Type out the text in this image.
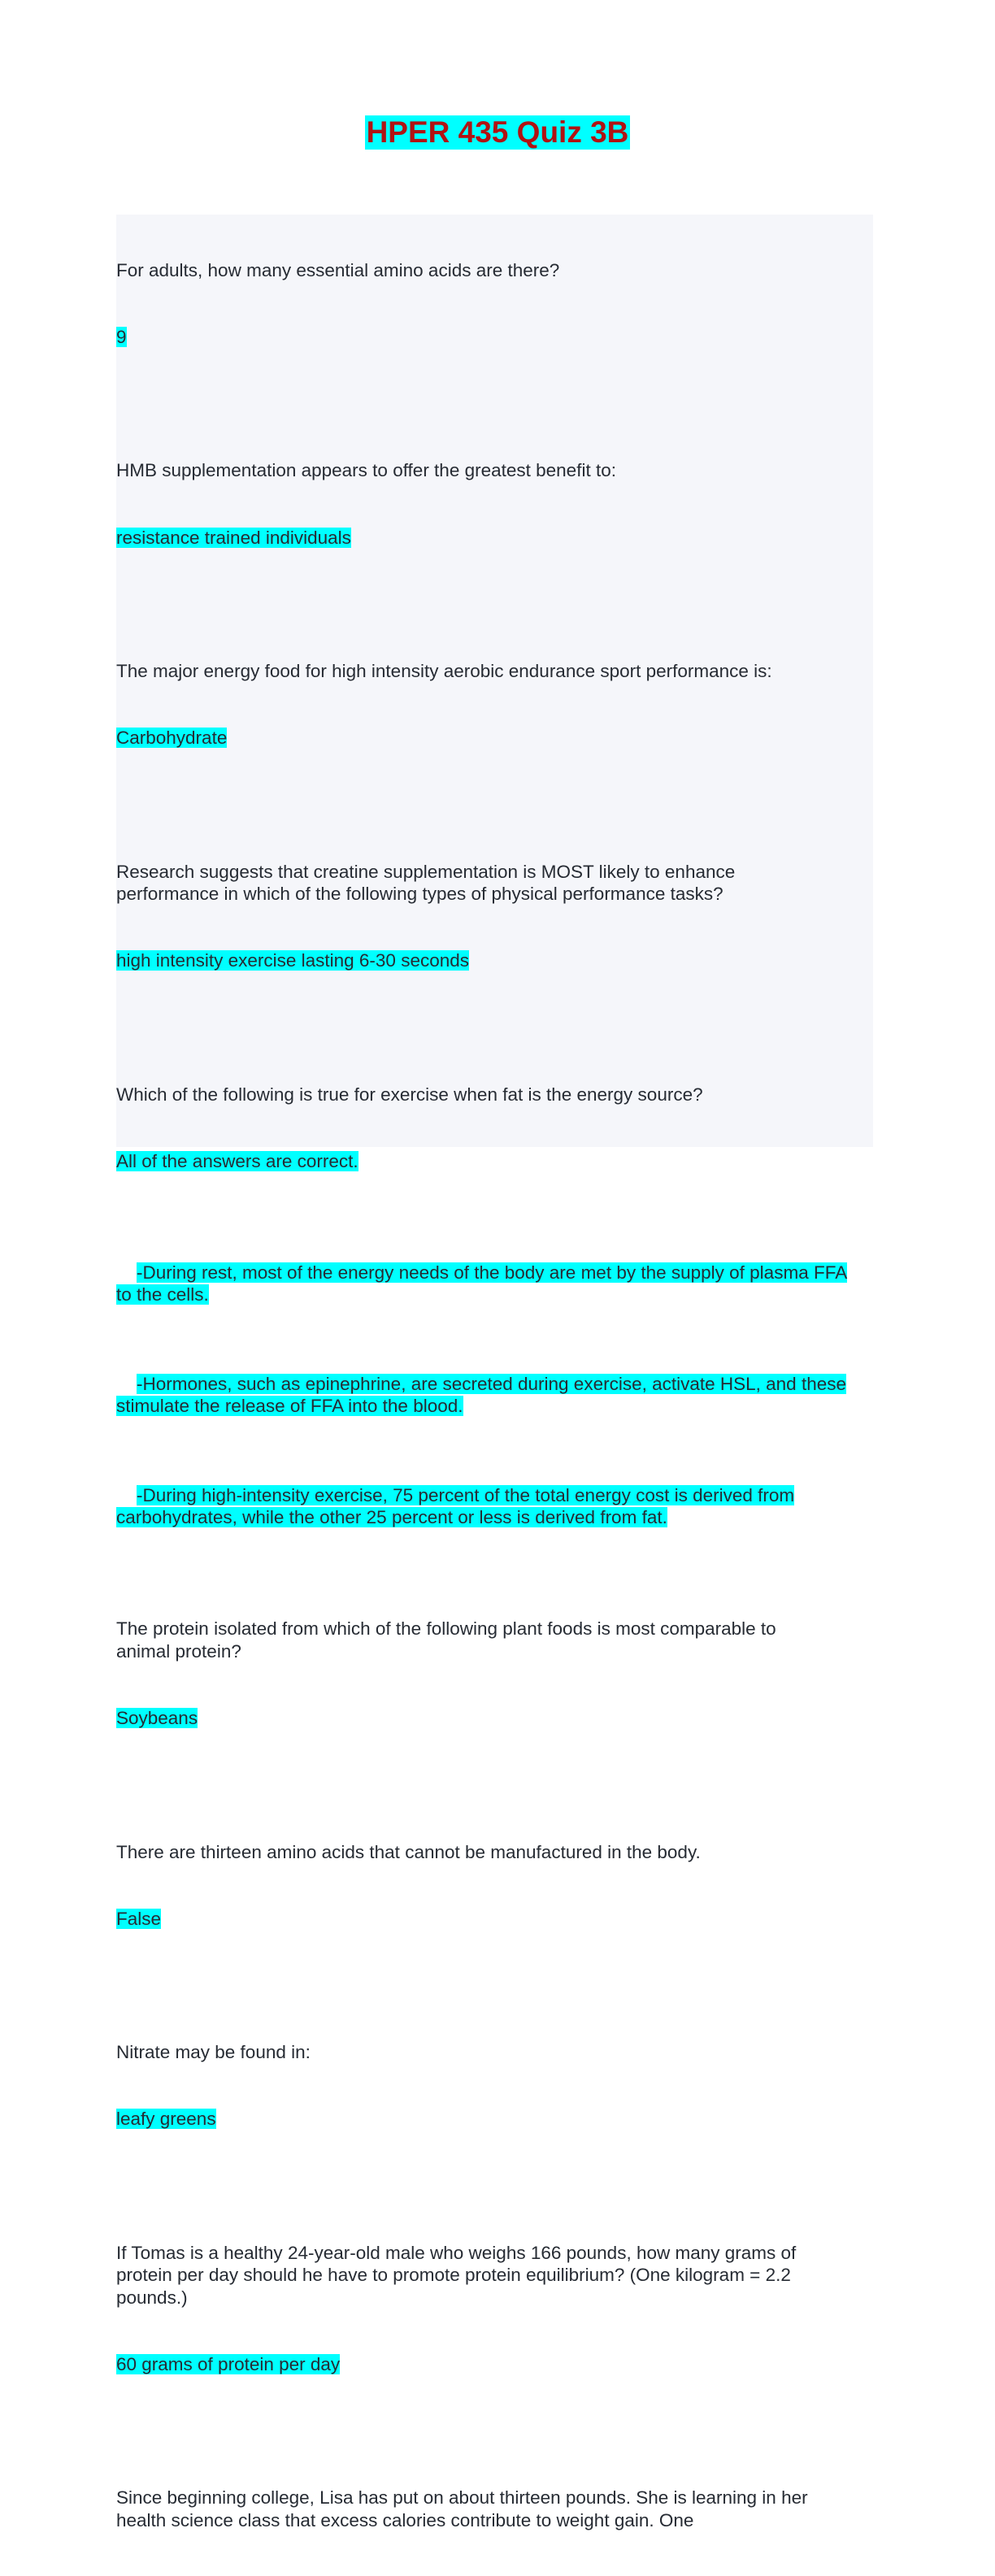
HPER 435 Quiz 3B

For adults, how many essential amino acids are there?

9

HMB supplementation appears to offer the greatest benefit to:

resistance trained individuals

The major energy food for high intensity aerobic endurance sport performance is:

Carbohydrate

Research suggests that creatine supplementation is MOST likely to enhance
performance in which of the following types of physical performance tasks?

high intensity exercise lasting 6-30 seconds

Which of the following is true for exercise when fat is the energy source?

All of the answers are correct.

-During rest, most of the energy needs of the body are met by the supply of plasma FFA
to the cells.

-Hormones, such as epinephrine, are secreted during exercise, activate HSL, and these
stimulate the release of FFA into the blood.

-During high-intensity exercise, 75 percent of the total energy cost is derived from
carbohydrates, while the other 25 percent or less is derived from fat.

The protein isolated from which of the following plant foods is most comparable to
animal protein?

Soybeans

There are thirteen amino acids that cannot be manufactured in the body.

False

Nitrate may be found in:

leafy greens

If Tomas is a healthy 24-year-old male who weighs 166 pounds, how many grams of
protein per day should he have to promote protein equilibrium? (One kilogram = 2.2
pounds.)

60 grams of protein per day

Since beginning college, Lisa has put on about thirteen pounds. She is learning in her
health science class that excess calories contribute to weight gain. One
